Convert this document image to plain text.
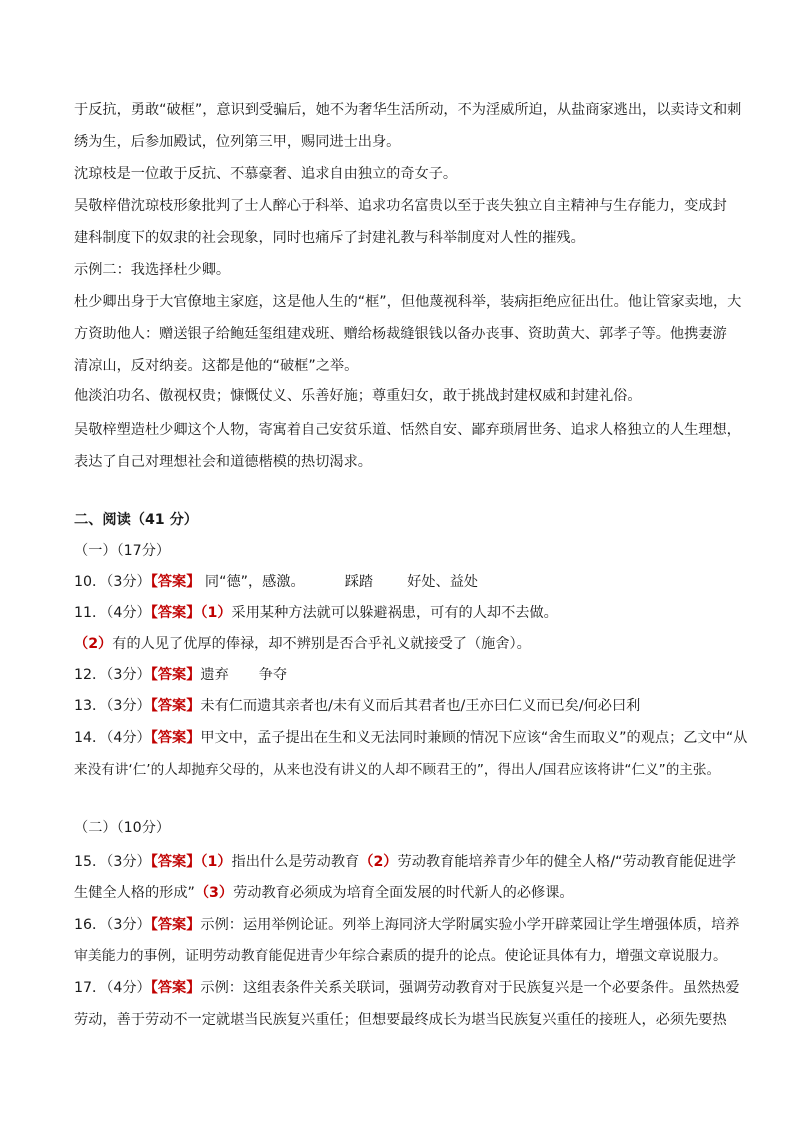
于反抗，勇敢“破框”，意识到受骗后，她不为奢华生活所动，不为淫威所迫，从盐商家逃出，以卖诗文和刺
绣为生，后参加殿试，位列第三甲，赐同进士出身。
沈琼枝是一位敢于反抗、不慕豪奢、追求自由独立的奇女子。
吴敬梓借沈琼枝形象批判了士人醉心于科举、追求功名富贵以至于丧失独立自主精神与生存能力，变成封
建科制度下的奴隶的社会现象，同时也痛斥了封建礼教与科举制度对人性的摧残。
示例二：我选择杜少卿。
杜少卿出身于大官僚地主家庭，这是他人生的“框”，但他蔑视科举，装病拒绝应征出仕。他让管家卖地，大
方资助他人：赠送银子给鲍廷玺组建戏班、赠给杨裁缝银钱以备办丧事、资助黄大、郭孝子等。他携妻游
清凉山，反对纳妾。这都是他的“破框”之举。
他淡泊功名、傲视权贵；慷慨仗义、乐善好施；尊重妇女，敢于挑战封建权威和封建礼俗。
吴敬梓塑造杜少卿这个人物，寄寓着自己安贫乐道、恬然自安、鄙弃琐屑世务、追求人格独立的人生理想，
表达了自己对理想社会和道德楷模的热切渴求。
二、阅读（41 分）
（一）（17分）
10．（3分）【答案】 同“德”，感激。	踩踏 好处、益处
11．（4分）【答案】（1）采用某种方法就可以躲避祸患，可有的人却不去做。
（2）有的人见了优厚的俸禄，却不辨别是否合乎礼义就接受了（施舍）。
12．（3分）【答案】遗弃 争夺
13．（3分）【答案】未有仁而遗其亲者也/未有义而后其君者也/王亦曰仁义而已矣/何必曰利
14．（4分）【答案】甲文中，孟子提出在生和义无法同时兼顾的情况下应该“舍生而取义”的观点；乙文中“从
来没有讲‘仁’的人却抛弃父母的，从来也没有讲义的人却不顾君王的”，得出人/国君应该将讲“仁义”的主张。
（二）（10分）
15．（3分）【答案】（1）指出什么是劳动教育（2）劳动教育能培养青少年的健全人格/“劳动教育能促进学
生健全人格的形成”（3）劳动教育必须成为培育全面发展的时代新人的必修课。
16．（3分）【答案】示例：运用举例论证。列举上海同济大学附属实验小学开辟菜园让学生增强体质，培养
审美能力的事例，证明劳动教育能促进青少年综合素质的提升的论点。使论证具体有力，增强文章说服力。
17．（4分）【答案】示例：这组表条件关系关联词，强调劳动教育对于民族复兴是一个必要条件。虽然热爱
劳动，善于劳动不一定就堪当民族复兴重任；但想要最终成长为堪当民族复兴重任的接班人，必须先要热
